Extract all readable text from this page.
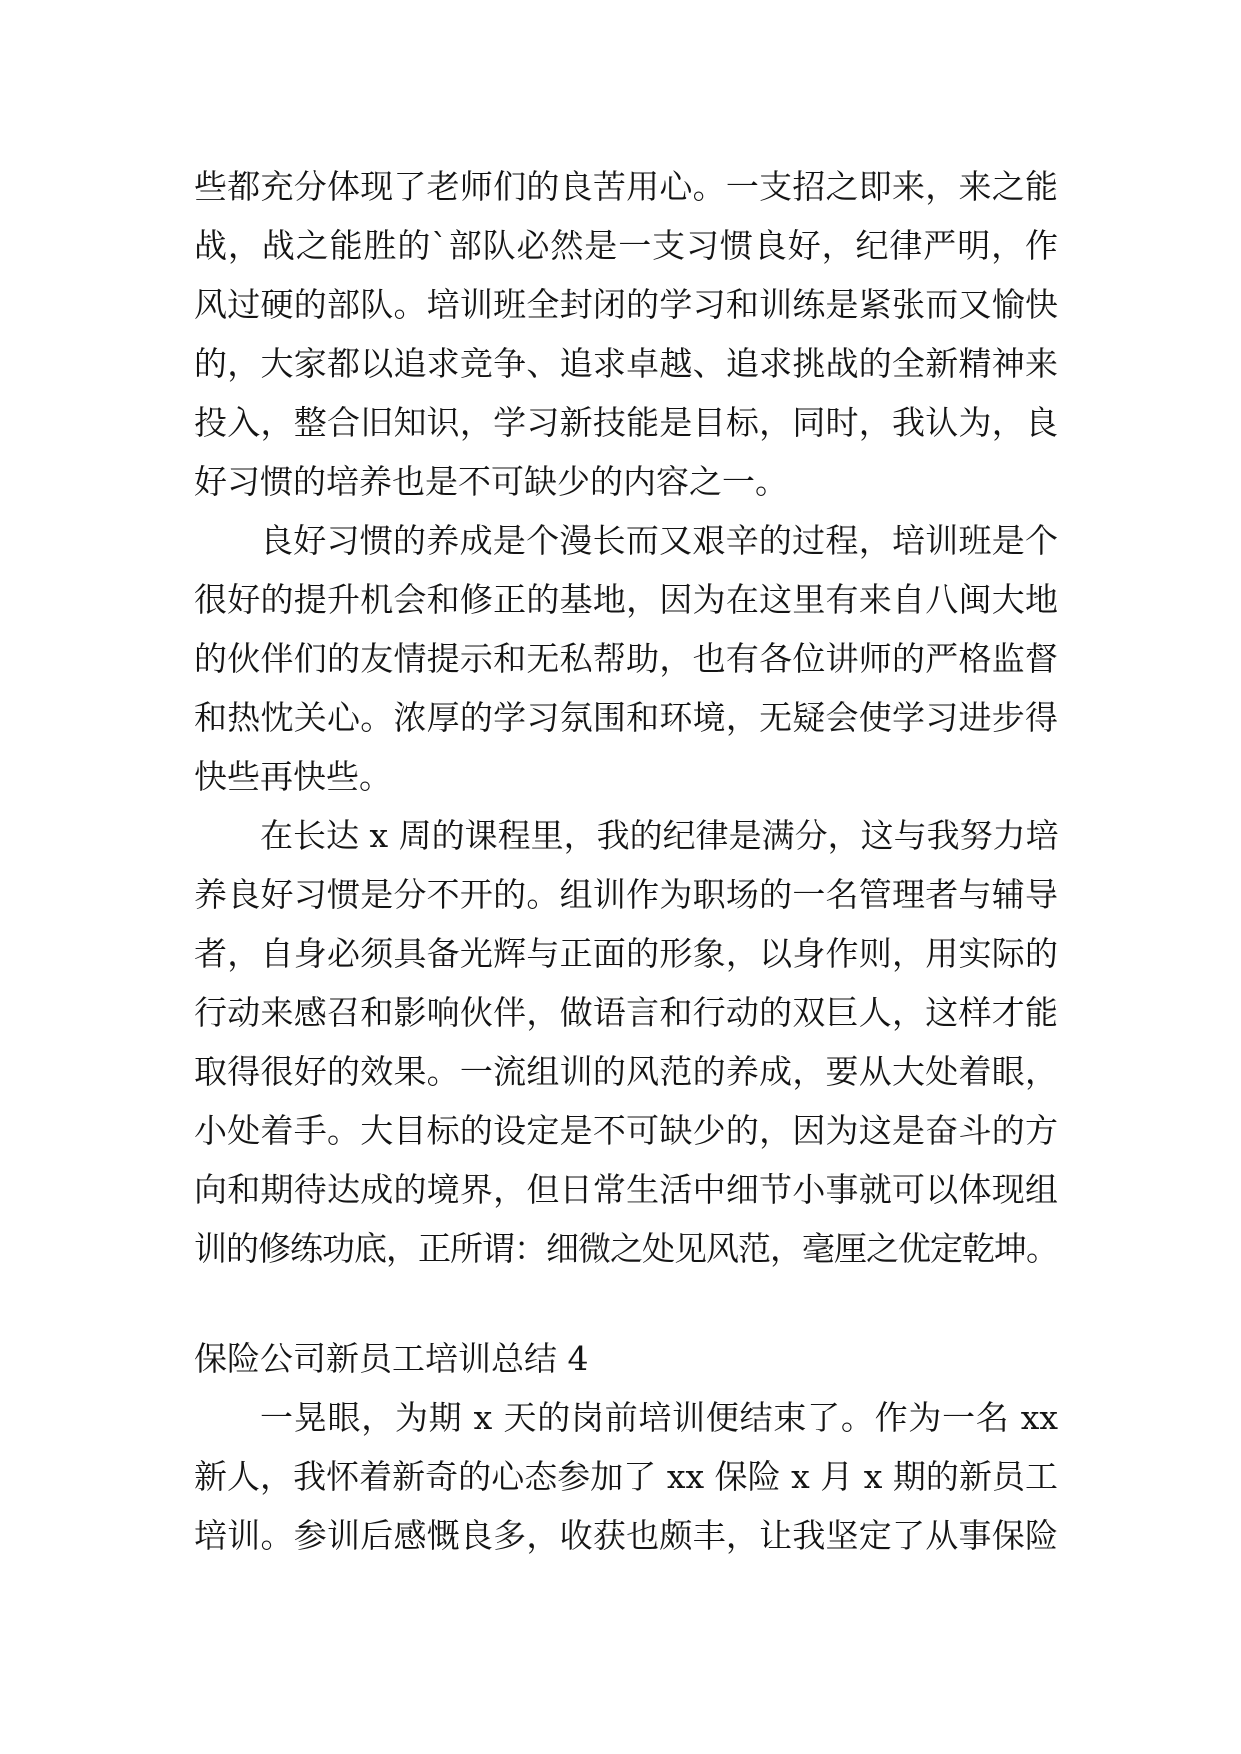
些都充分体现了老师们的良苦用心。一支招之即来，来之能
战，战之能胜的`部队必然是一支习惯良好，纪律严明，作
风过硬的部队。培训班全封闭的学习和训练是紧张而又愉快
的，大家都以追求竞争、追求卓越、追求挑战的全新精神来
投入，整合旧知识，学习新技能是目标，同时，我认为，良
好习惯的培养也是不可缺少的内容之一。
良好习惯的养成是个漫长而又艰辛的过程，培训班是个
很好的提升机会和修正的基地，因为在这里有来自八闽大地
的伙伴们的友情提示和无私帮助，也有各位讲师的严格监督
和热忱关心。浓厚的学习氛围和环境，无疑会使学习进步得
快些再快些。
在长达 x 周的课程里，我的纪律是满分，这与我努力培
养良好习惯是分不开的。组训作为职场的一名管理者与辅导
者，自身必须具备光辉与正面的形象，以身作则，用实际的
行动来感召和影响伙伴，做语言和行动的双巨人，这样才能
取得很好的效果。一流组训的风范的养成，要从大处着眼，
小处着手。大目标的设定是不可缺少的，因为这是奋斗的方
向和期待达成的境界，但日常生活中细节小事就可以体现组
训的修练功底，正所谓：细微之处见风范，毫厘之优定乾坤。
保险公司新员工培训总结 4
一晃眼，为期 x 天的岗前培训便结束了。作为一名 xx
新人，我怀着新奇的心态参加了 xx 保险 x 月 x 期的新员工
培训。参训后感慨良多，收获也颇丰，让我坚定了从事保险
